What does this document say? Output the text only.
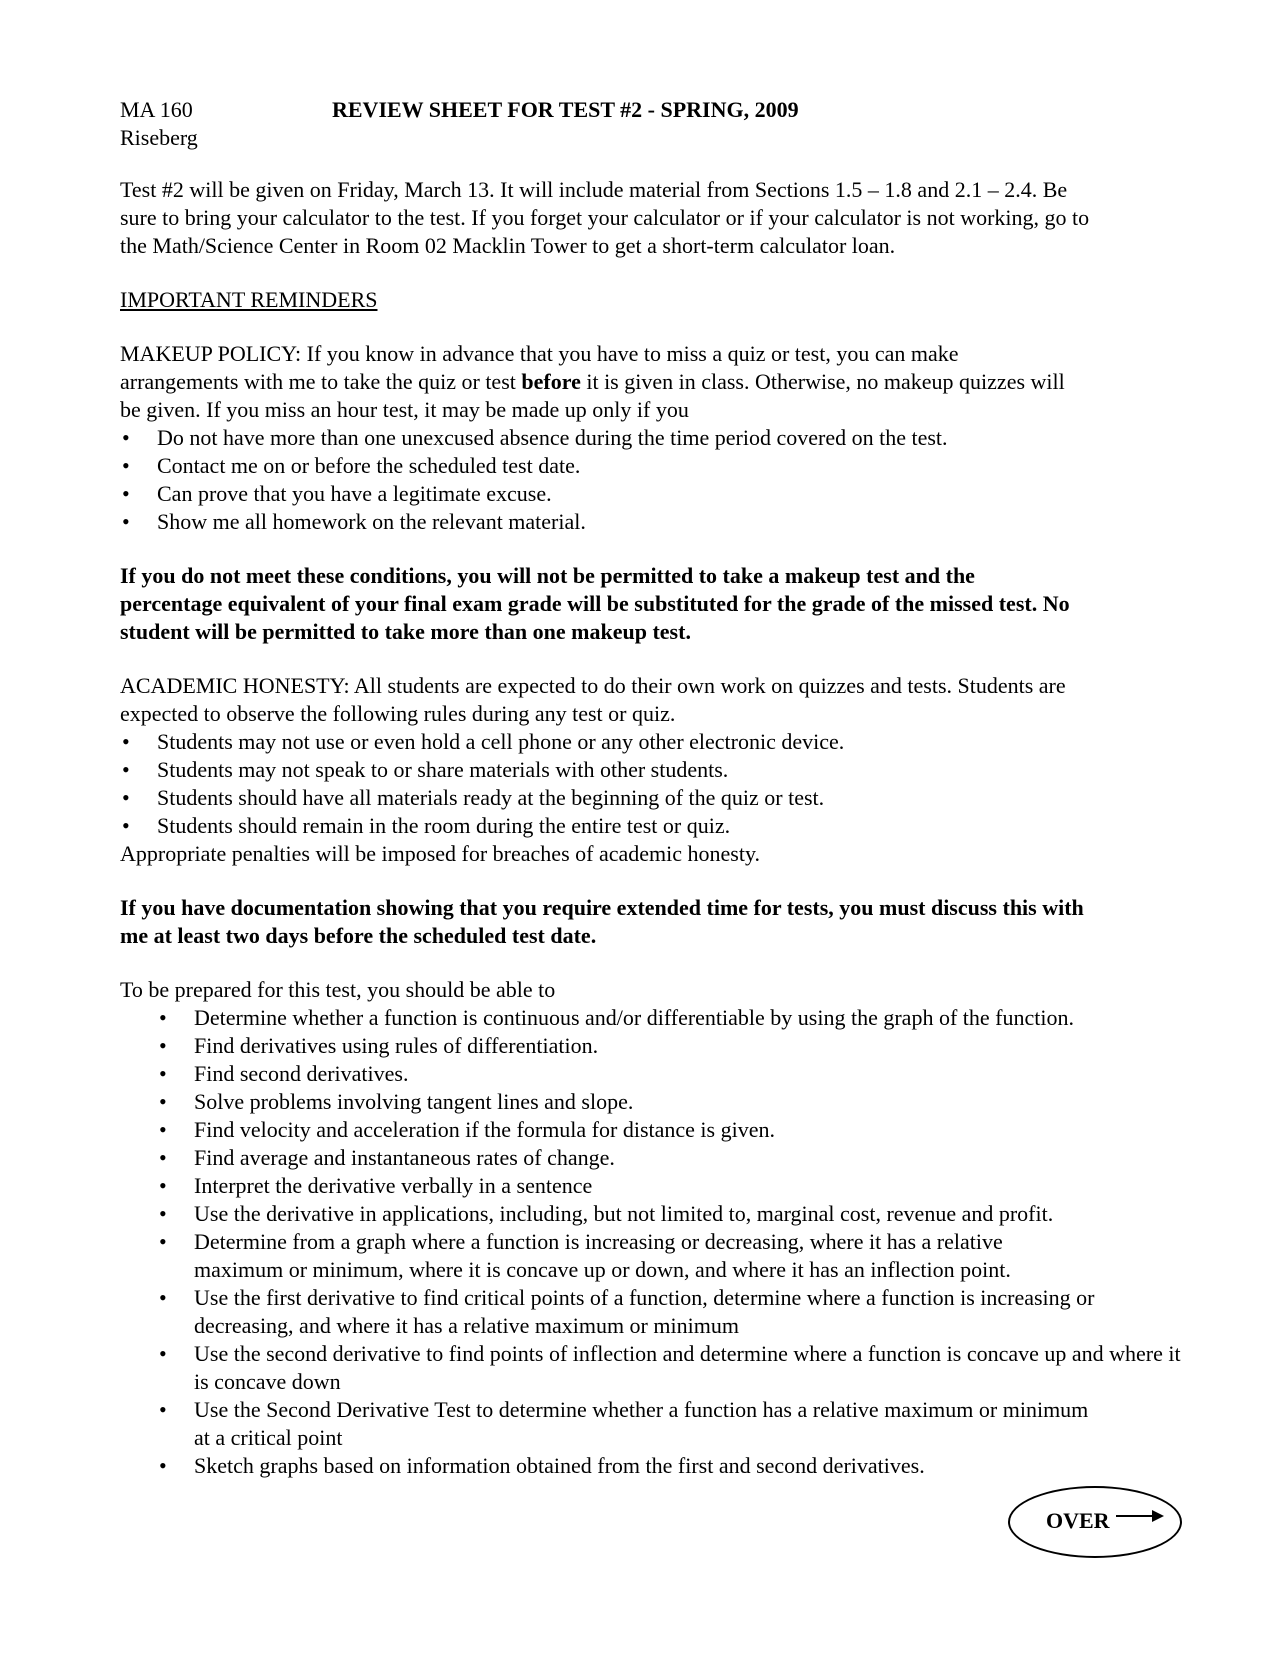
MA 160	REVIEW SHEET FOR TEST #2 - SPRING, 2009

Riseberg

Test #2 will be given on Friday, March 13. It will include material from Sections 1.5 – 1.8 and 2.1 – 2.4. Be sure to bring your calculator to the test. If you forget your calculator or if your calculator is not working, go to the Math/Science Center in Room 02 Macklin Tower to get a short-term calculator loan.

IMPORTANT REMINDERS

MAKEUP POLICY: If you know in advance that you have to miss a quiz or test, you can make arrangements with me to take the quiz or test before it is given in class. Otherwise, no makeup quizzes will be given. If you miss an hour test, it may be made up only if you

• Do not have more than one unexcused absence during the time period covered on the test.
• Contact me on or before the scheduled test date.
• Can prove that you have a legitimate excuse.
• Show me all homework on the relevant material.

If you do not meet these conditions, you will not be permitted to take a makeup test and the percentage equivalent of your final exam grade will be substituted for the grade of the missed test. No student will be permitted to take more than one makeup test.

ACADEMIC HONESTY: All students are expected to do their own work on quizzes and tests. Students are expected to observe the following rules during any test or quiz.

• Students may not use or even hold a cell phone or any other electronic device.
• Students may not speak to or share materials with other students.
• Students should have all materials ready at the beginning of the quiz or test.
• Students should remain in the room during the entire test or quiz.

Appropriate penalties will be imposed for breaches of academic honesty.

If you have documentation showing that you require extended time for tests, you must discuss this with me at least two days before the scheduled test date.

To be prepared for this test, you should be able to

• Determine whether a function is continuous and/or differentiable by using the graph of the function.
• Find derivatives using rules of differentiation.
• Find second derivatives.
• Solve problems involving tangent lines and slope.
• Find velocity and acceleration if the formula for distance is given.
• Find average and instantaneous rates of change.
• Interpret the derivative verbally in a sentence
• Use the derivative in applications, including, but not limited to, marginal cost, revenue and profit.
• Determine from a graph where a function is increasing or decreasing, where it has a relative maximum or minimum, where it is concave up or down, and where it has an inflection point.
• Use the first derivative to find critical points of a function, determine where a function is increasing or decreasing, and where it has a relative maximum or minimum
• Use the second derivative to find points of inflection and determine where a function is concave up and where it is concave down
• Use the Second Derivative Test to determine whether a function has a relative maximum or minimum at a critical point
• Sketch graphs based on information obtained from the first and second derivatives.
OVER
